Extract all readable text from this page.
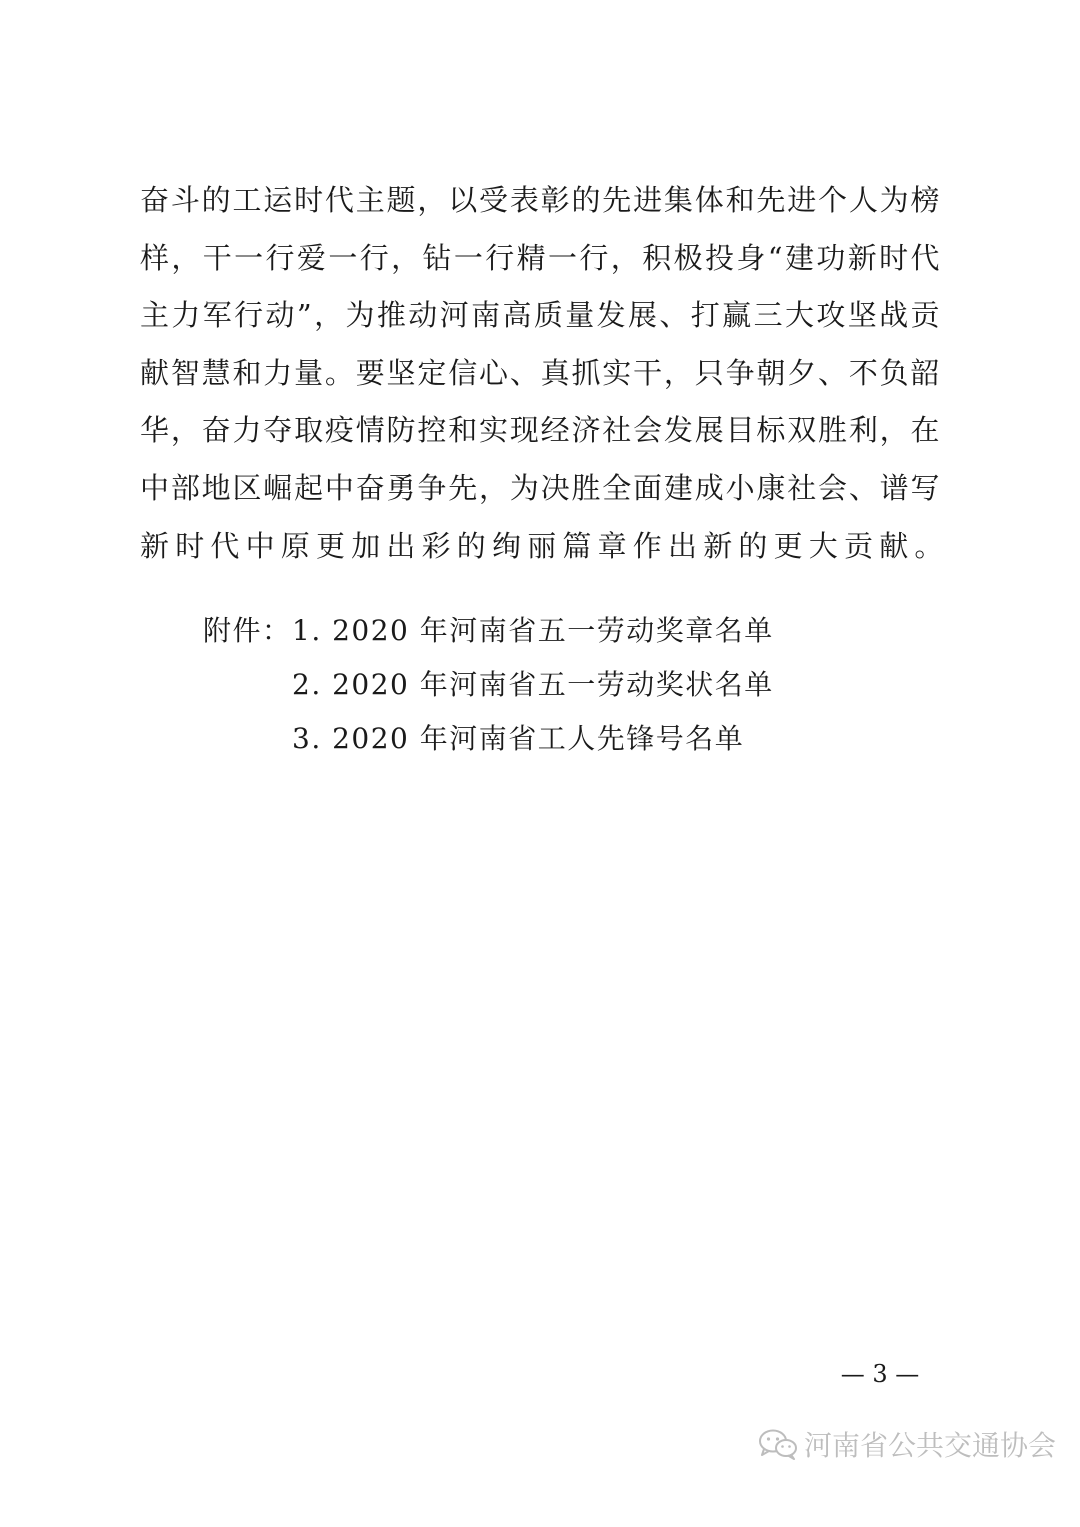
奋斗的工运时代主题，以受表彰的先进集体和先进个人为榜
样，干一行爱一行，钻一行精一行，积极投身“建功新时代
主力军行动”，为推动河南高质量发展、打赢三大攻坚战贡
献智慧和力量。要坚定信心、真抓实干，只争朝夕、不负韶
华，奋力夺取疫情防控和实现经济社会发展目标双胜利，在
中部地区崛起中奋勇争先，为决胜全面建成小康社会、谱写
新时代中原更加出彩的绚丽篇章作出新的更大贡献。
附件：1. 2020 年河南省五一劳动奖章名单
2. 2020 年河南省五一劳动奖状名单
3. 2020 年河南省工人先锋号名单
— 3 —
河南省公共交通协会
